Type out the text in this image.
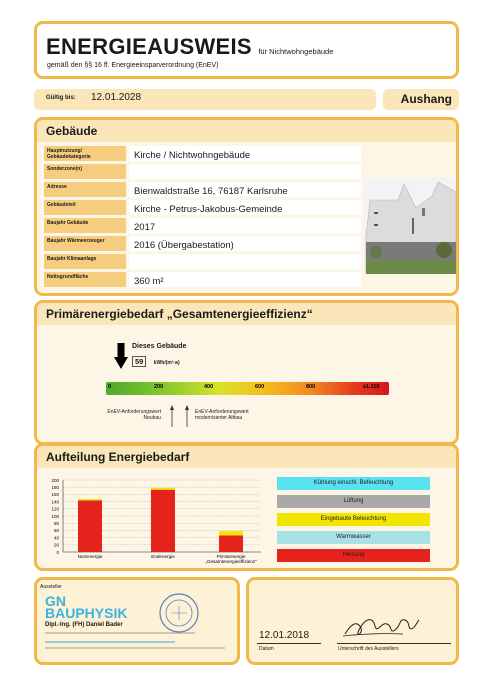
ENERGIEAUSWEIS für Nichtwohngebäude
gemäß den §§ 16 ff. Energieeinsparverordnung (EnEV)
Gültig bis: 12.01.2028	Aushang
Gebäude
Hauptnutzung/ Gebäudekategorie	Kirche / Nichtwohngebäude
Sonderzone(n)
Adresse	Bienwaldstraße 16, 76187 Karlsruhe
Gebäudeteil	Kirche - Petrus-Jakobus-Gemeinde
Baujahr Gebäude	2017
Baujahr Wärmeerzeuger	2016 (Übergabestation)
Baujahr Klimaanlage
Nettogrundfläche	360 m²
Primärenergiebedarf „Gesamtenergieeffizienz“
Dieses Gebäude
59 kWh/(m²·a)
0	200	400	600	800	≥1.110
EnEV-Anforderungswert Neubau
EnEV-Anforderungswert modernisierter Altbau
Aufteilung Energiebedarf
0
20
40
60
80
100
120
140
160
180
200
Nutzenergie	Endenergie	Primärenergie „Gesamtenergieeffizienz“
Kühlung einschl. Befeuchtung
Lüftung
Eingebaute Beleuchtung
Warmwasser
Heizung
Aussteller
GN
BAUPHYSIK
Dipl.-Ing. (FH) Daniel Bader
12.01.2018
Datum	Unterschrift des Ausstellers
